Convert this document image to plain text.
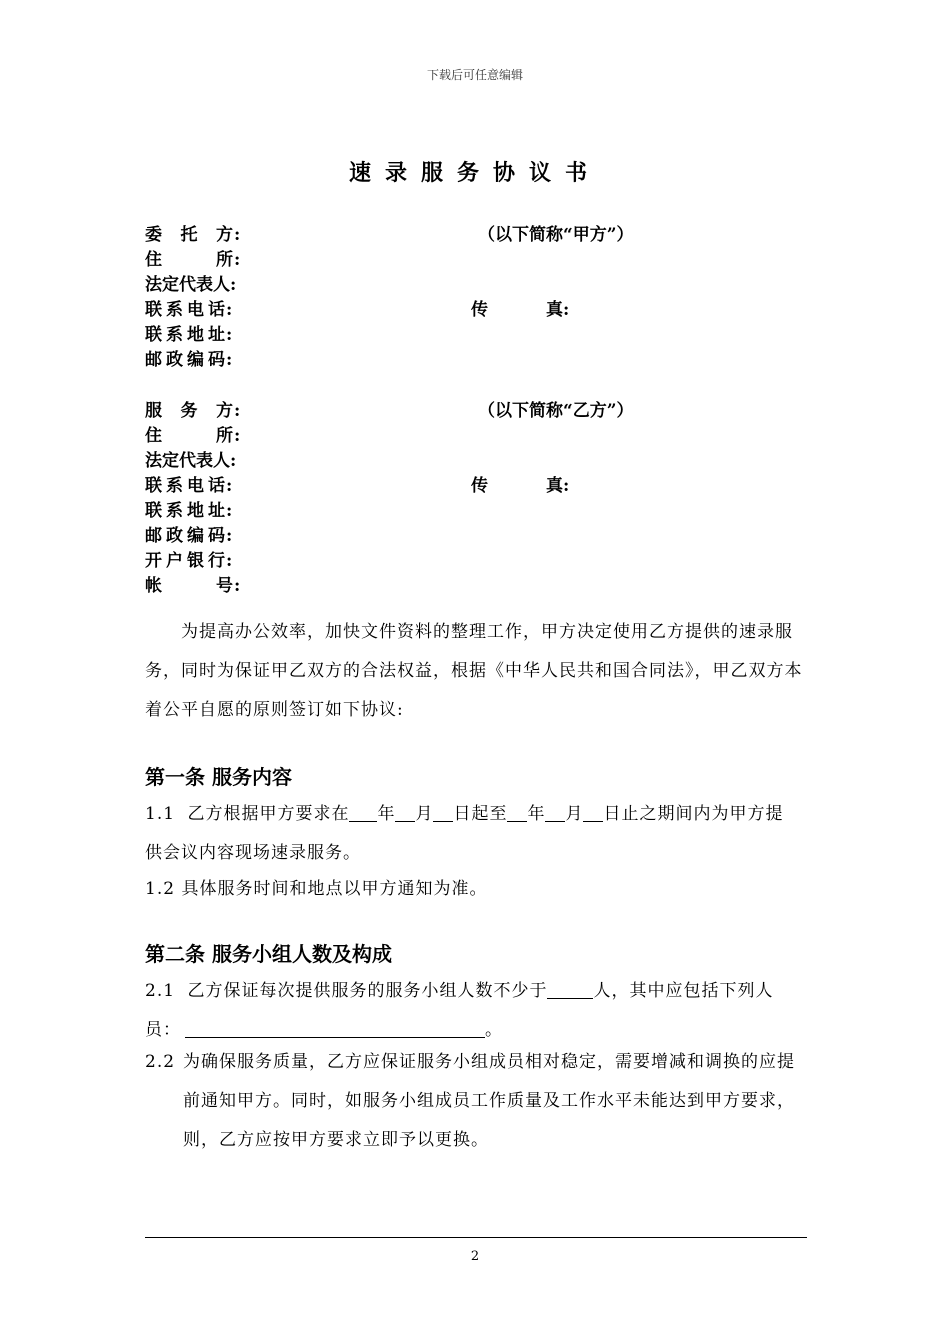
下载后可任意编辑
速录服务协议书
委托方:	（以下简称“甲方”）
住所:
法定代表人:
联系电话:	传真:
联系地址:
邮政编码:
服务方:	（以下简称“乙方”）
住所:
法定代表人:
联系电话:	传真:
联系地址:
邮政编码:
开户银行:
帐号:

为提高办公效率，加快文件资料的整理工作，甲方决定使用乙方提供的速录服务，同时为保证甲乙双方的合法权益，根据《中华人民共和国合同法》，甲乙双方本着公平自愿的原则签订如下协议:

第一条 服务内容
1.1 乙方根据甲方要求在 年 月 日起至 年 月 日止之期间内为甲方提
供会议内容现场速录服务。
1.2 具体服务时间和地点以甲方通知为准。
第二条 服务小组人数及构成
2.1 乙方保证每次提供服务的服务小组人数不少于	人，其中应包括下列人
员：	。
2.2 为确保服务质量，乙方应保证服务小组成员相对稳定，需要增减和调换的应提前通知甲方。同时，如服务小组成员工作质量及工作水平未能达到甲方要求，则，乙方应按甲方要求立即予以更换。
2
